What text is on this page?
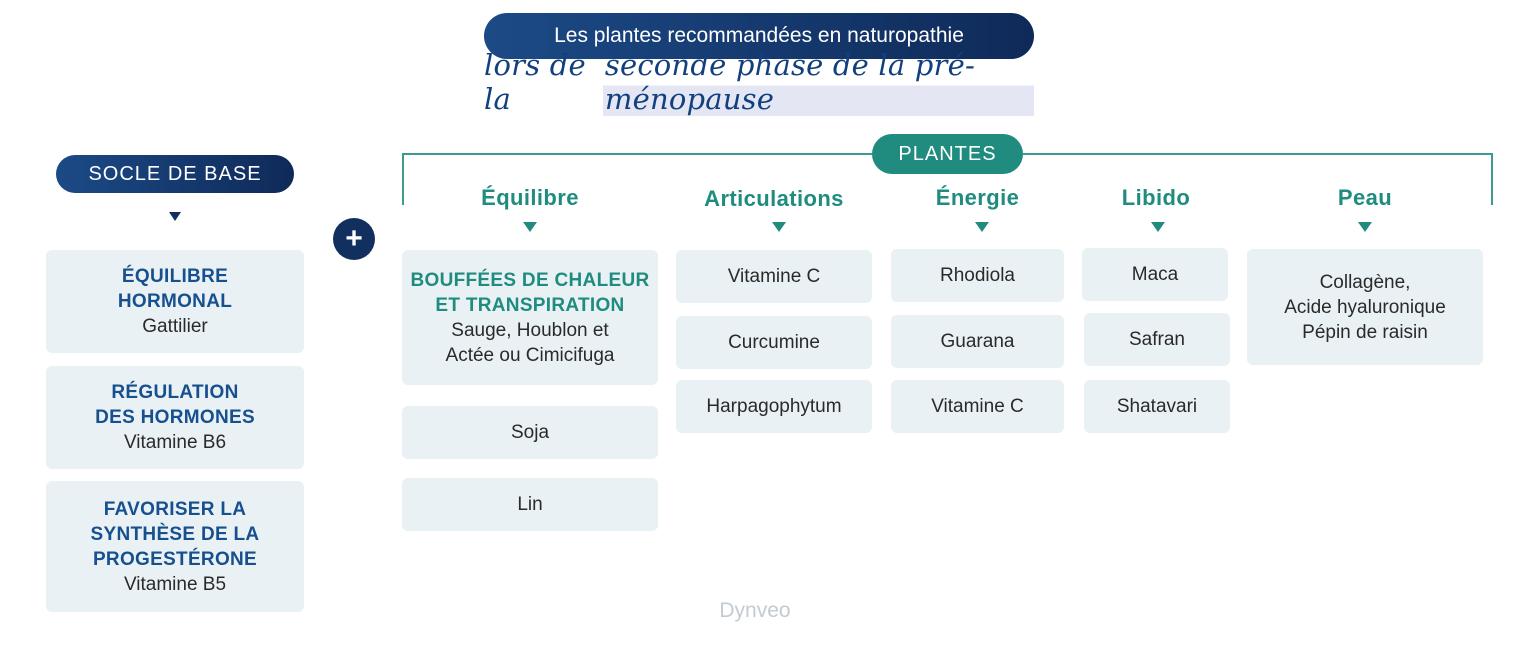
Les plantes recommandées en naturopathie
lors de la

seconde phase de la pré-ménopause
SOCLE DE BASE
ÉQUILIBRE
HORMONAL
Gattilier
RÉGULATION
DES HORMONES
Vitamine B6
FAVORISER LA
SYNTHÈSE DE LA
PROGESTÉRONE
Vitamine B5
+
PLANTES
Équilibre
BOUFFÉES DE CHALEUR
ET TRANSPIRATION
Sauge, Houblon et
Actée ou Cimicifuga
Soja
Lin
Articulations
Vitamine C
Curcumine
Harpagophytum
Énergie
Rhodiola
Guarana
Vitamine C
Libido
Maca
Safran
Shatavari
Peau
Collagène,
Acide hyaluronique
Pépin de raisin
Dynveo
